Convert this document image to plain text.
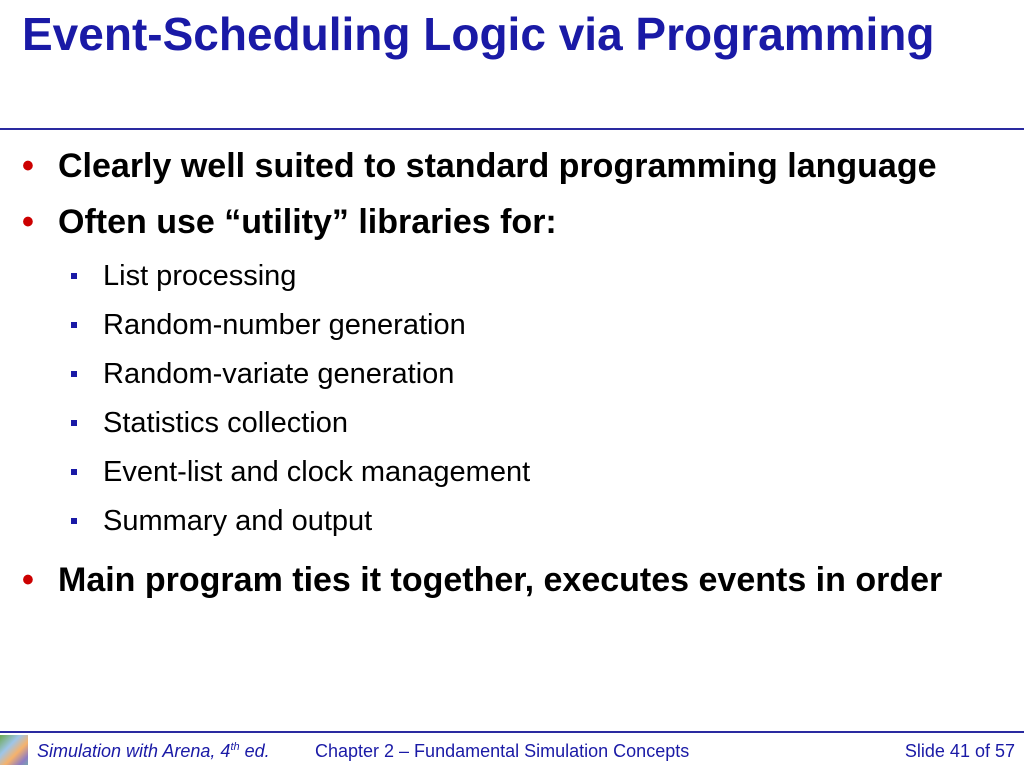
Event-Scheduling Logic via Programming
• Clearly well suited to standard programming language
• Often use “utility” libraries for:
List processing
Random-number generation
Random-variate generation
Statistics collection
Event-list and clock management
Summary and output
• Main program ties it together, executes events in order
Simulation with Arena, 4th ed.	Chapter 2 – Fundamental Simulation Concepts	Slide 41 of 57
